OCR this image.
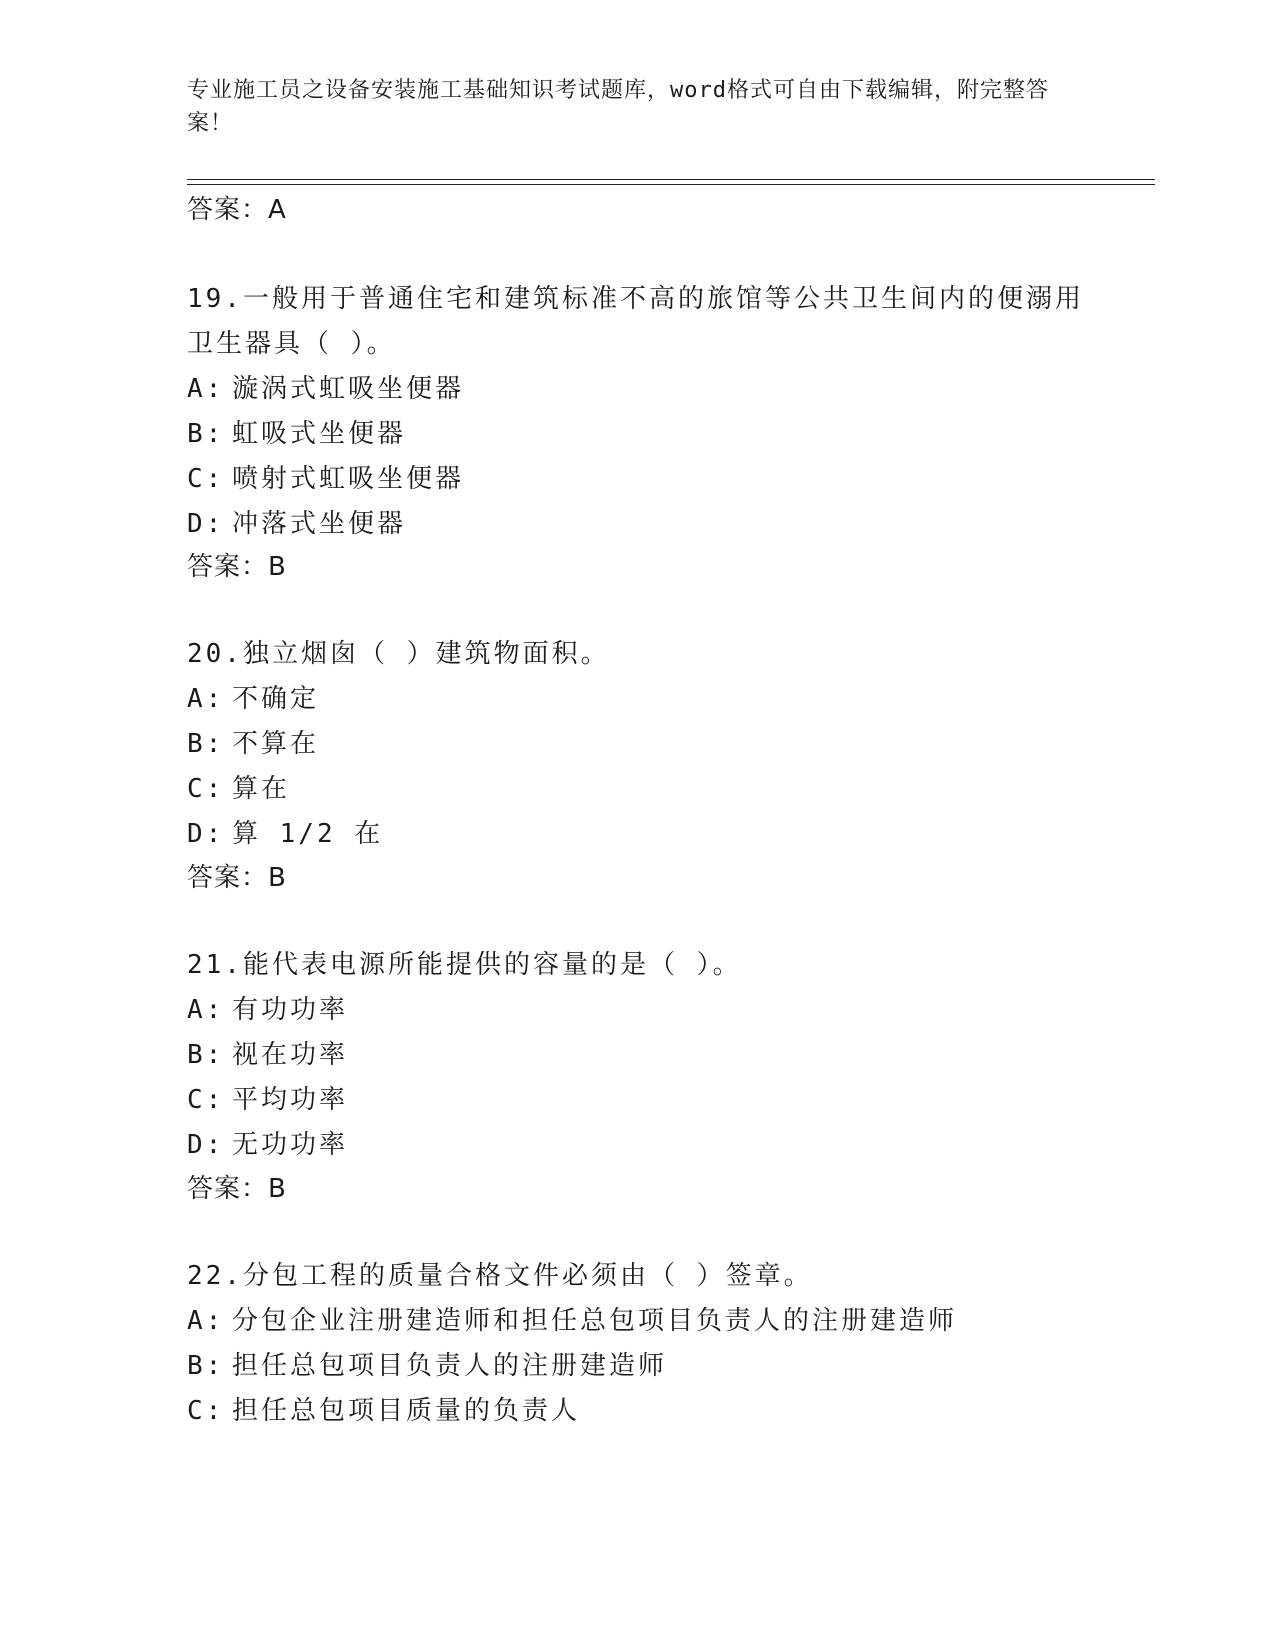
专业施工员之设备安装施工基础知识考试题库，word格式可自由下载编辑，附完整答案！
答案：A

19.一般用于普通住宅和建筑标准不高的旅馆等公共卫生间内的便溺用卫生器具（ ）。

A: 漩涡式虹吸坐便器

B: 虹吸式坐便器

C: 喷射式虹吸坐便器

D: 冲落式坐便器

答案：B

20.独立烟囱（ ）建筑物面积。

A: 不确定

B: 不算在

C: 算在

D: 算 1/2 在

答案：B

21.能代表电源所能提供的容量的是（ ）。

A: 有功功率

B: 视在功率

C: 平均功率

D: 无功功率

答案：B

22.分包工程的质量合格文件必须由（ ）签章。

A: 分包企业注册建造师和担任总包项目负责人的注册建造师

B: 担任总包项目负责人的注册建造师

C: 担任总包项目质量的负责人
